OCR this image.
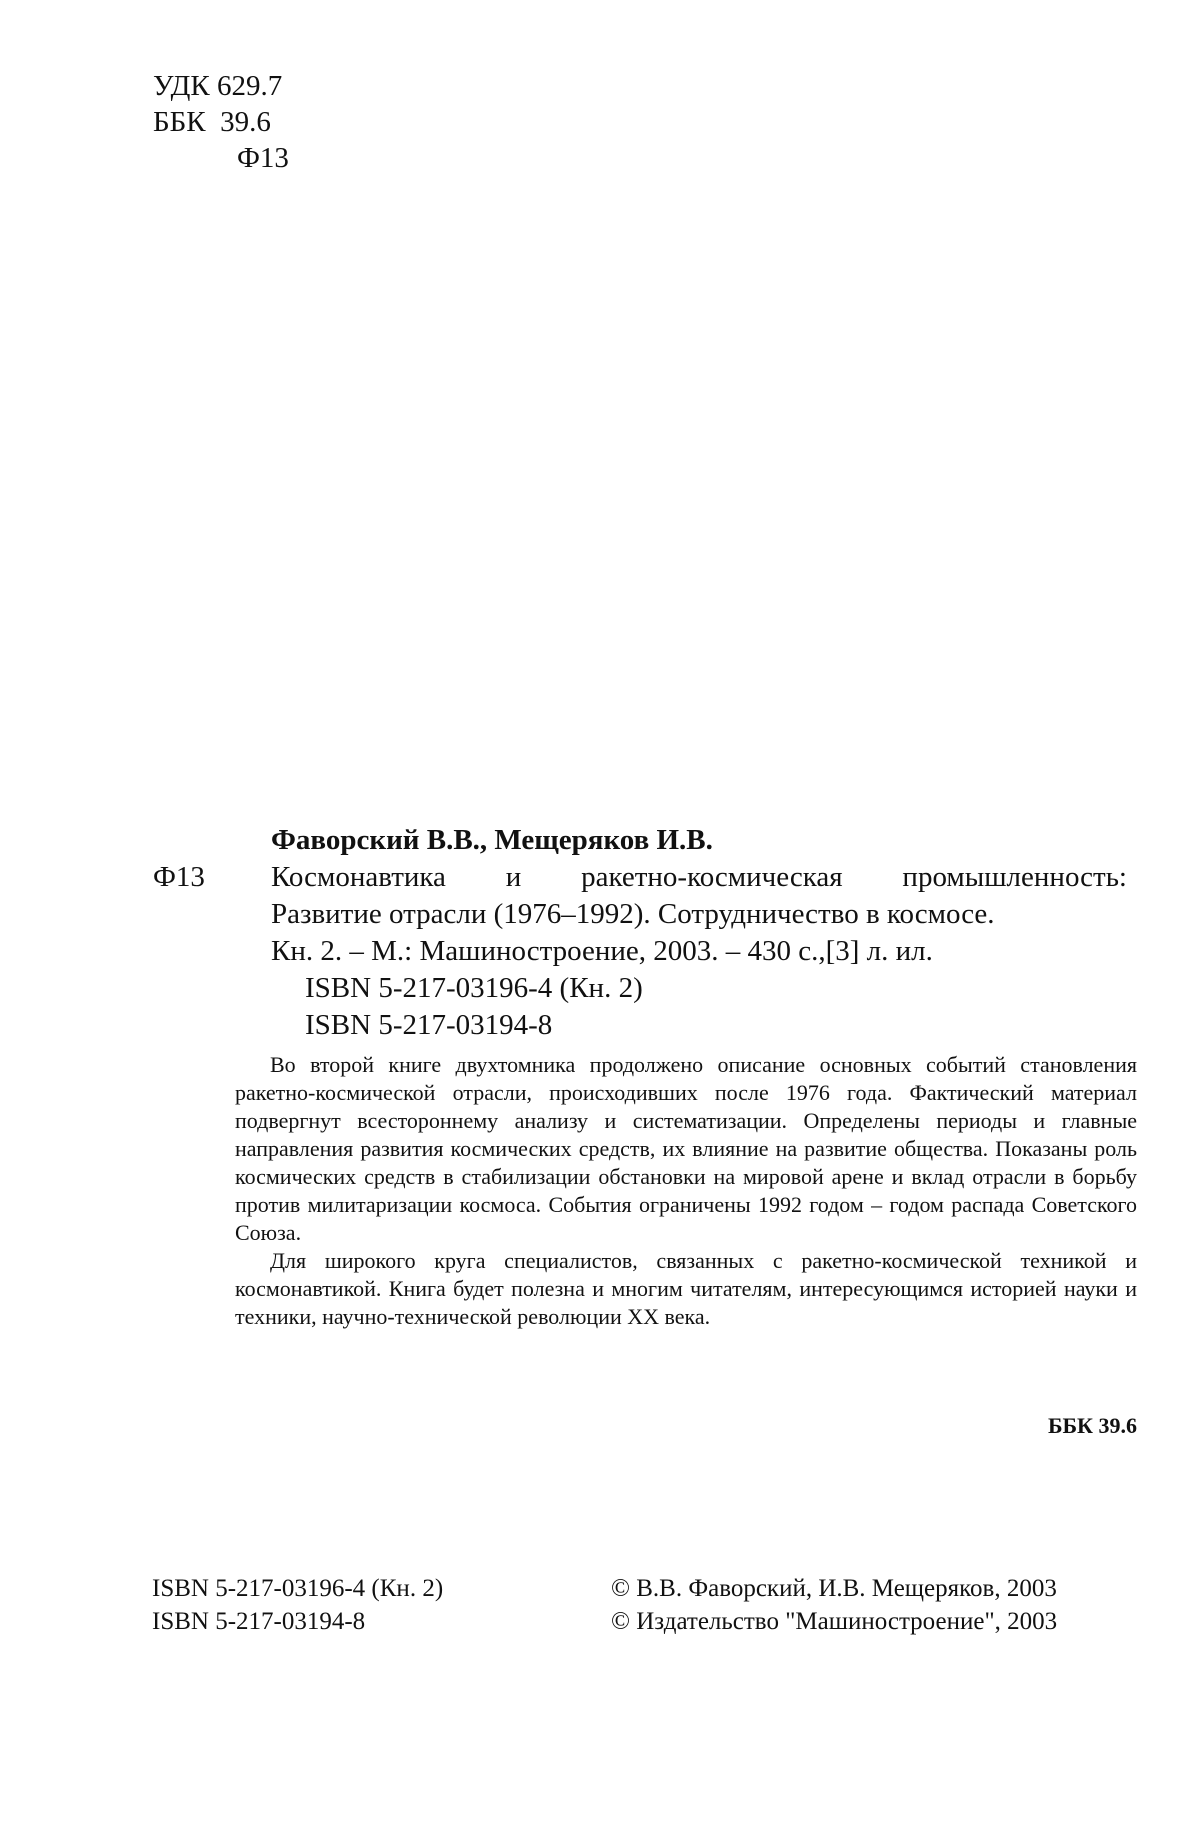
УДК 629.7
ББК  39.6
Ф13
Фаворский В.В., Мещеряков И.В.
Ф13 Космонавтика и ракетно-космическая промышленность:
Развитие отрасли (1976–1992). Сотрудничество в космосе.
Кн. 2. – М.: Машиностроение, 2003. – 430 с.,[3] л. ил.
ISBN 5-217-03196-4 (Кн. 2)
ISBN 5-217-03194-8

Во второй книге двухтомника продолжено описание основных событий становления ракетно-космической отрасли, происходивших после 1976 года. Фактический материал подвергнут всестороннему анализу и систематизации. Определены периоды и главные направления развития космических средств, их влияние на развитие общества. Показаны роль космических средств в стабилизации обстановки на мировой арене и вклад отрасли в борьбу против милитаризации космоса. События ограничены 1992 годом – годом распада Советского Союза.

Для широкого круга специалистов, связанных с ракетно-космической техникой и космонавтикой. Книга будет полезна и многим читателям, интересующимся историей науки и техники, научно-технической революции XX века.

ББК 39.6
ISBN 5-217-03196-4 (Кн. 2)
ISBN 5-217-03194-8
© В.В. Фаворский, И.В. Мещеряков, 2003
© Издательство "Машиностроение", 2003
